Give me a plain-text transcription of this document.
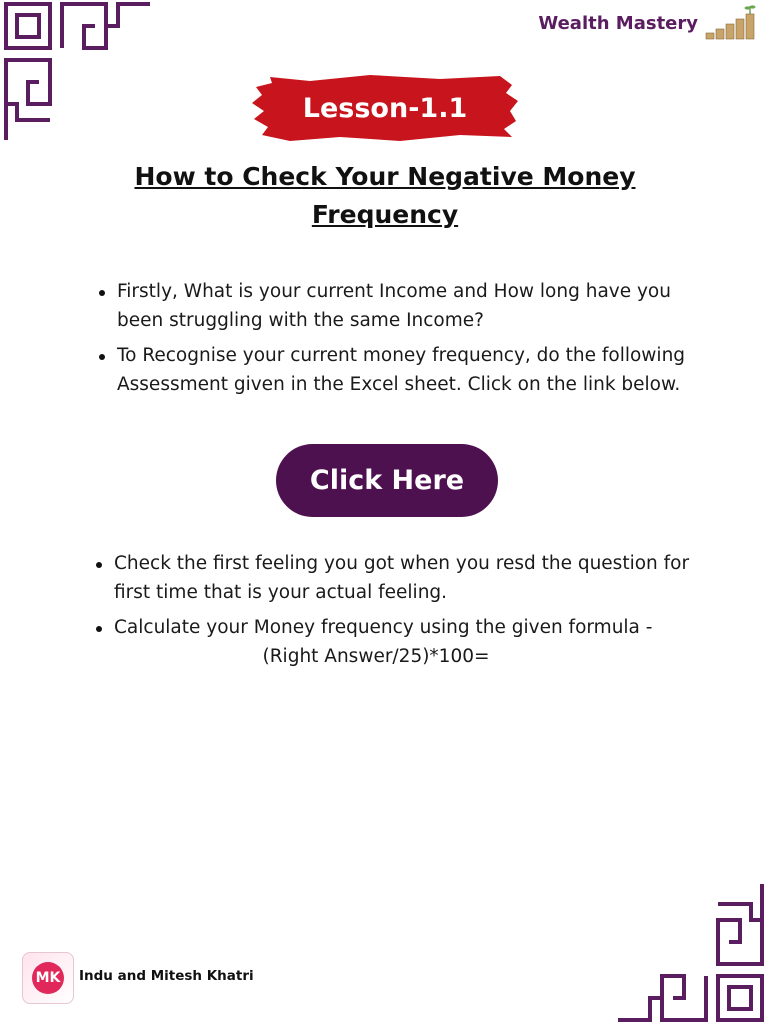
Wealth Mastery
Lesson-1.1
How to Check Your Negative Money Frequency
Firstly, What is your current Income and How long have you been struggling with the same Income?
To Recognise your current money frequency, do the following Assessment given in the Excel sheet. Click on the link below.
Click Here
Check the first feeling you got when you resd the question for first time that is your actual feeling.
Calculate your Money frequency using the given formula -
(Right Answer/25)*100=
MK Indu and Mitesh Khatri
